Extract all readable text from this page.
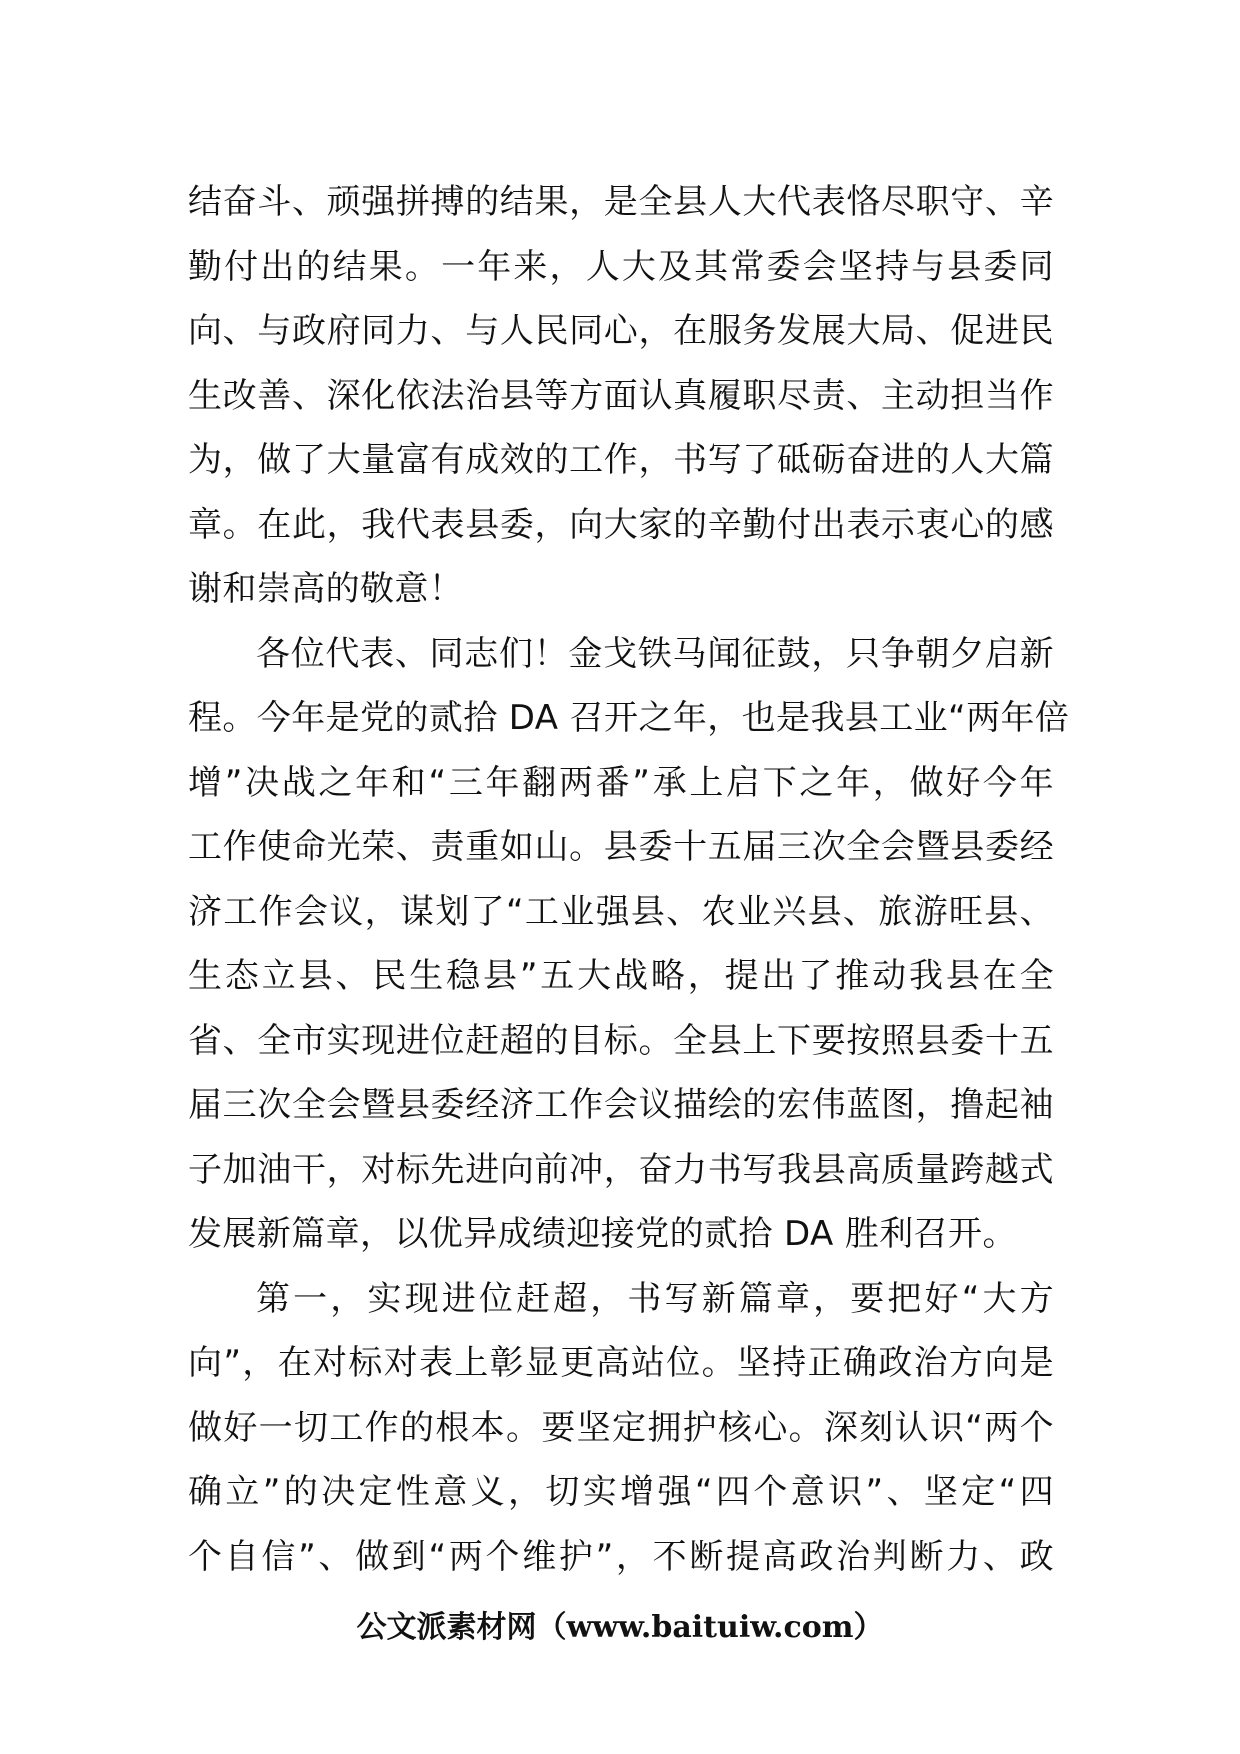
结奋斗、顽强拼搏的结果，是全县人大代表恪尽职守、辛
勤付出的结果。一年来，人大及其常委会坚持与县委同
向、与政府同力、与人民同心，在服务发展大局、促进民
生改善、深化依法治县等方面认真履职尽责、主动担当作
为，做了大量富有成效的工作，书写了砥砺奋进的人大篇
章。在此，我代表县委，向大家的辛勤付出表示衷心的感
谢和崇高的敬意！
各位代表、同志们！金戈铁马闻征鼓，只争朝夕启新
程。今年是党的贰拾 DA 召开之年，也是我县工业“两年倍
增”决战之年和“三年翻两番”承上启下之年，做好今年
工作使命光荣、责重如山。县委十五届三次全会暨县委经
济工作会议，谋划了“工业强县、农业兴县、旅游旺县、
生态立县、民生稳县”五大战略，提出了推动我县在全
省、全市实现进位赶超的目标。全县上下要按照县委十五
届三次全会暨县委经济工作会议描绘的宏伟蓝图，撸起袖
子加油干，对标先进向前冲，奋力书写我县高质量跨越式
发展新篇章，以优异成绩迎接党的贰拾 DA 胜利召开。
第一，实现进位赶超，书写新篇章，要把好“大方
向”，在对标对表上彰显更高站位。坚持正确政治方向是
做好一切工作的根本。要坚定拥护核心。深刻认识“两个
确立”的决定性意义，切实增强“四个意识”、坚定“四
个自信”、做到“两个维护”，不断提高政治判断力、政
公文派素材网（www.baituiw.com）
